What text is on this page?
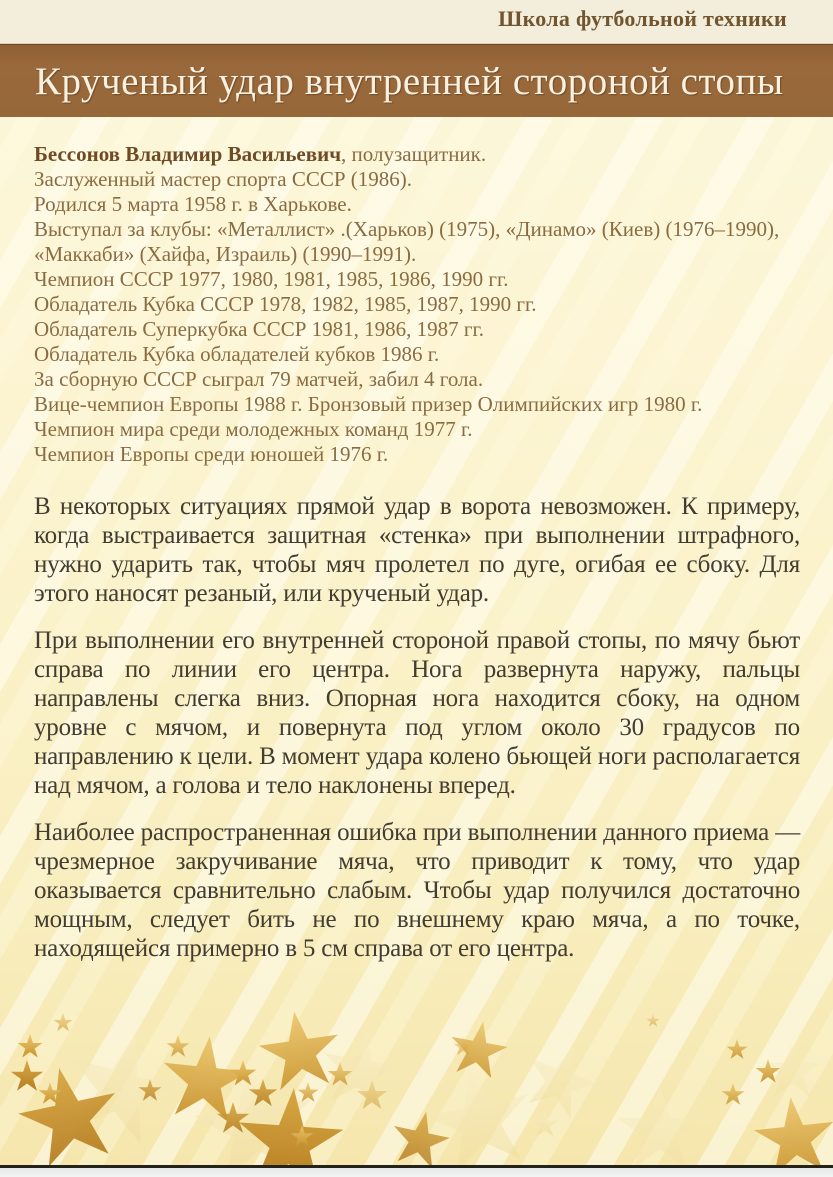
Школа футбольной техники
Крученый удар внутренней стороной стопы
Бессонов Владимир Васильевич, полузащитник.
Заслуженный мастер спорта СССР (1986).
Родился 5 марта 1958 г. в Харькове.
Выступал за клубы: «Металлист» .(Харьков) (1975), «Динамо» (Киев) (1976–1990), «Маккаби» (Хайфа, Израиль) (1990–1991).
Чемпион СССР 1977, 1980, 1981, 1985, 1986, 1990 гг.
Обладатель Кубка СССР 1978, 1982, 1985, 1987, 1990 гг.
Обладатель Суперкубка СССР 1981, 1986, 1987 гг.
Обладатель Кубка обладателей кубков 1986 г.
За сборную СССР сыграл 79 матчей, забил 4 гола.
Вице-чемпион Европы 1988 г. Бронзовый призер Олимпийских игр 1980 г.
Чемпион мира среди молодежных команд 1977 г.
Чемпион Европы среди юношей 1976 г.

В некоторых ситуациях прямой удар в ворота невозможен. К примеру, когда выстраивается защитная «стенка» при выполнении штрафного, нужно ударить так, чтобы мяч пролетел по дуге, огибая ее сбоку. Для этого наносят резаный, или крученый удар.

При выполнении его внутренней стороной правой стопы, по мячу бьют справа по линии его центра. Нога развернута наружу, пальцы направлены слегка вниз. Опорная нога находится сбоку, на одном уровне с мячом, и повернута под углом около 30 градусов по направлению к цели. В момент удара колено бьющей ноги располагается над мячом, а голова и тело наклонены вперед.

Наиболее распространенная ошибка при выполнении данного приема — чрезмерное закручивание мяча, что приводит к тому, что удар оказывается сравнительно слабым. Чтобы удар получился достаточно мощным, следует бить не по внешнему краю мяча, а по точке, находящейся примерно в 5 см справа от его центра.
